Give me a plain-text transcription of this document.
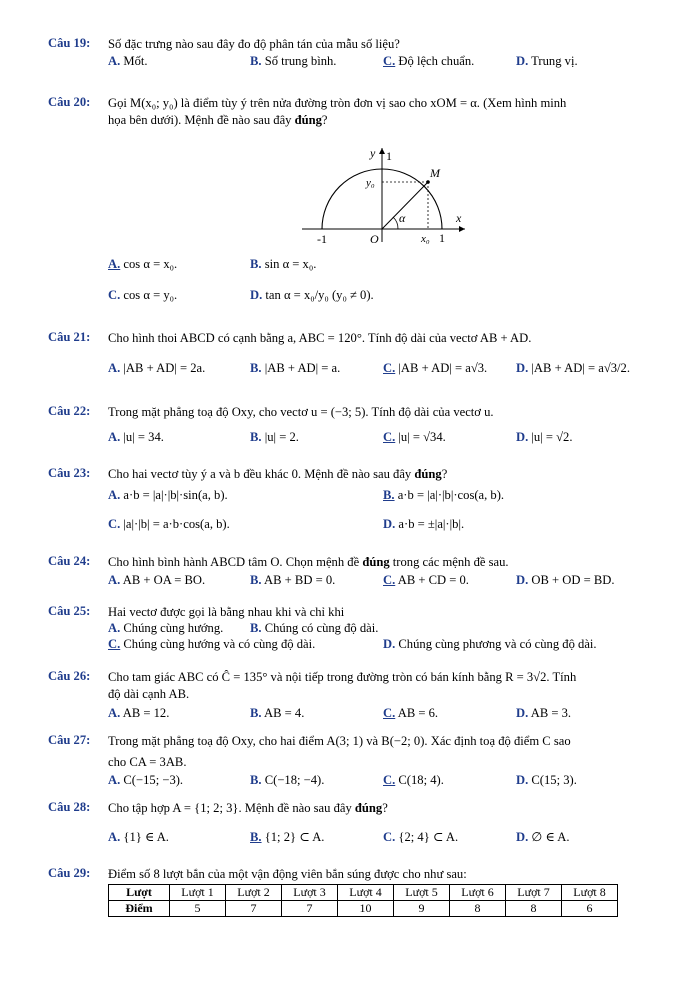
Câu 19: Số đặc trưng nào sau đây đo độ phân tán của mẫu số liệu?
A. Mốt.	B. Số trung bình.	C. Độ lệch chuẩn.	D. Trung vị.
Câu 20: Gọi M(x₀; y₀) là điểm tùy ý trên nửa đường tròn đơn vị sao cho xOM = α. (Xem hình minh
họa bên dưới). Mệnh đề nào sau đây đúng?
y 1
M
y₀
α	x
-1	O	x₀ 1
A. cos α = x₀.	B. sin α = x₀.
C. cos α = y₀.	D. tan α = x₀/y₀ (y₀ ≠ 0).
Câu 21: Cho hình thoi ABCD có cạnh bằng a, ABC = 120°. Tính độ dài của vectơ AB + AD.
A. |AB + AD| = 2a.	B. |AB + AD| = a.	C. |AB + AD| = a√3. D. |AB + AD| = a√3/2.
Câu 22: Trong mặt phẳng toạ độ Oxy, cho vectơ u = (−3; 5). Tính độ dài của vectơ u.
A. |u| = 34.	B. |u| = 2.	C. |u| = √34.	D. |u| = √2.
Câu 23: Cho hai vectơ tùy ý a và b đều khác 0. Mệnh đề nào sau đây đúng?
A. a·b = |a|·|b|·sin(a, b).	B. a·b = |a|·|b|·cos(a, b).
C. |a|·|b| = a·b·cos(a, b).	D. a·b = ±|a|·|b|.
Câu 24: Cho hình bình hành ABCD tâm O. Chọn mệnh đề đúng trong các mệnh đề sau.
A. AB + OA = BO.	B. AB + BD = 0.	C. AB + CD = 0.	D. OB + OD = BD.
Câu 25: Hai vectơ được gọi là bằng nhau khi và chỉ khi
A. Chúng cùng hướng. B. Chúng có cùng độ dài.
C. Chúng cùng hướng và có cùng độ dài.	D. Chúng cùng phương và có cùng độ dài.
Câu 26: Cho tam giác ABC có Ĉ = 135° và nội tiếp trong đường tròn có bán kính bằng R = 3√2. Tính
độ dài cạnh AB.
A. AB = 12.	B. AB = 4.	C. AB = 6.	D. AB = 3.
Câu 27: Trong mặt phẳng toạ độ Oxy, cho hai điểm A(3; 1) và B(−2; 0). Xác định toạ độ điểm C sao
cho CA = 3AB.
A. C(−15; −3).	B. C(−18; −4).	C. C(18; 4).	D. C(15; 3).
Câu 28: Cho tập hợp A = {1; 2; 3}. Mệnh đề nào sau đây đúng?
A. {1} ∈ A.	B. {1; 2} ⊂ A.	C. {2; 4} ⊂ A.	D. ∅ ∈ A.
Câu 29: Điểm số 8 lượt bắn của một vận động viên bắn súng được cho như sau:
Lượt	Lượt 1	Lượt 2	Lượt 3	Lượt 4	Lượt 5	Lượt 6	Lượt 7	Lượt 8
Điểm	5	7	7	10	9	8	8	6
